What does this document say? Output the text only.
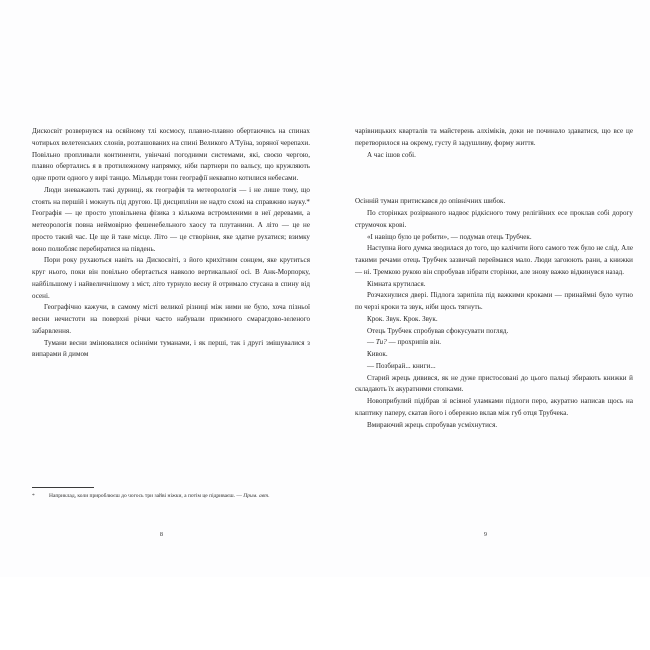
Дискосвіт розвернувся на осяйному тлі космосу, плавно-плавно обертаючись на спинах чотирьох велетенських слонів, розташованих на спині Великого А'Туїна, зоряної черепахи. Повільно пропливали континенти, увінчані погодними системами, які, своєю чергою, плавно обертались я в протилежному напрямку, ніби партнери по вальсу, що кружляють одне проти одного у вирі танцю. Мільярди тонн географії неквапно котилися небесами.

Люди зневажають такі дурниці, як географія та метеорологія — і не лише тому, що стоять на першій і мокнуть під другою. Ці дисципліни не надто схожі на справжню науку.* Географія — це просто уповільнена фізика з кількома встромленими в неї деревами, а метеорологія повна неймовірно фешенебельного хаосу та плутанини. А літо — це не просто такий час. Це ще й таке місце. Літо — це створіння, яке здатне рухатися; взимку воно полюбляє перебиратися на південь.

Пори року рухаються навіть на Дискосвіті, з його крихітним сонцем, яке крутиться круг нього, поки він повільно обертається навколо вертикальної осі. В Анк-Морпорку, найбільшому і найвеличнішому з міст, літо турнуло весну й отримало стусана в спину від осені.

Географічно кажучи, в самому місті великої різниці між ними не було, хоча пізньої весни нечистоти на поверхні річки часто набували приємного смарагдово-зеленого забарвлення.

Тумани весни змінювалися осінніми туманами, і як перші, так і другі змішувалися з випарами й димом

*	Наприклад, коли прироблюєш до чогось три зайві ніжки, а потім це підриваєш. — Прим. авт.

8

чарівницьких кварталів та майстерень алхіміків, доки не починало здаватися, що все це перетворилося на окрему, густу й задушливу, форму життя.

А час ішов собі.

Осінній туман притискався до опівнічних шибок.

По сторінках розірваного надвоє рідкісного тому релігійних есе проклав собі дорогу струмочок крові.

«І навіщо було це робити», — подумав отець Трубчек.

Наступна його думка зводилася до того, що калічити його самого теж було не слід. Але такими речами отець Трубчек зазвичай переймався мало. Люди загоюють рани, а книжки — ні. Тремкою рукою він спробував зібрати сторінки, але знову важко відкинувся назад.

Кімната крутилася.

Розчахнулися двері. Підлога зарипіла під важкими кроками — принаймні було чутно по черзі кроки та звук, ніби щось тягнуть.

Крок. Звук. Крок. Звук.

Отець Трубчек спробував сфокусувати погляд.

— Ти? — прохрипів він.

Кивок.

— Позбирай... книги...

Старий жрець дивився, як не дуже пристосовані до цього пальці збирають книжки й складають їх акуратними стопками.

Новоприбулий підібрав зі всіяної уламками підлоги перо, акуратно написав щось на клаптику паперу, скатав його і обережно вклав між губ отця Трубчека.

Вмираючий жрець спробував усміхнутися.

9
